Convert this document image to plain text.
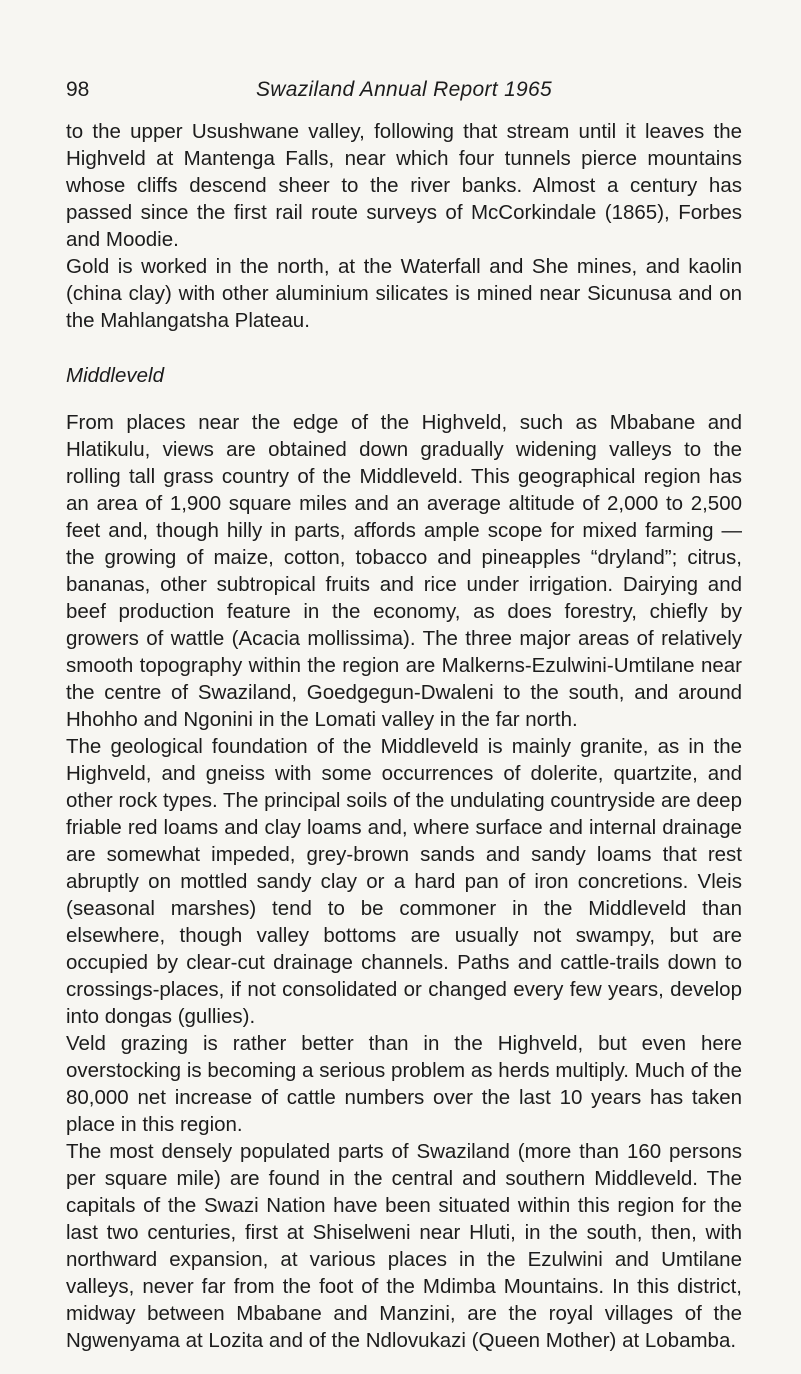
98	Swaziland Annual Report 1965

to the upper Usushwane valley, following that stream until it leaves the Highveld at Mantenga Falls, near which four tunnels pierce mountains whose cliffs descend sheer to the river banks. Almost a century has passed since the first rail route surveys of McCorkindale (1865), Forbes and Moodie.

Gold is worked in the north, at the Waterfall and She mines, and kaolin (china clay) with other aluminium silicates is mined near Sicunusa and on the Mahlangatsha Plateau.

Middleveld

From places near the edge of the Highveld, such as Mbabane and Hlatikulu, views are obtained down gradually widening valleys to the rolling tall grass country of the Middleveld. This geographical region has an area of 1,900 square miles and an average altitude of 2,000 to 2,500 feet and, though hilly in parts, affords ample scope for mixed farming — the growing of maize, cotton, tobacco and pineapples “dryland”; citrus, bananas, other subtropical fruits and rice under irrigation. Dairying and beef production feature in the economy, as does forestry, chiefly by growers of wattle (Acacia mollissima). The three major areas of relatively smooth topography within the region are Malkerns-Ezulwini-Umtilane near the centre of Swaziland, Goedgegun-Dwaleni to the south, and around Hhohho and Ngonini in the Lomati valley in the far north.

The geological foundation of the Middleveld is mainly granite, as in the Highveld, and gneiss with some occurrences of dolerite, quartzite, and other rock types. The principal soils of the undulating countryside are deep friable red loams and clay loams and, where surface and internal drainage are somewhat impeded, grey-brown sands and sandy loams that rest abruptly on mottled sandy clay or a hard pan of iron concretions. Vleis (seasonal marshes) tend to be commoner in the Middleveld than elsewhere, though valley bottoms are usually not swampy, but are occupied by clear-cut drainage channels. Paths and cattle-trails down to crossings-places, if not consolidated or changed every few years, develop into dongas (gullies).

Veld grazing is rather better than in the Highveld, but even here overstocking is becoming a serious problem as herds multiply. Much of the 80,000 net increase of cattle numbers over the last 10 years has taken place in this region.

The most densely populated parts of Swaziland (more than 160 persons per square mile) are found in the central and southern Middleveld. The capitals of the Swazi Nation have been situated within this region for the last two centuries, first at Shiselweni near Hluti, in the south, then, with northward expansion, at various places in the Ezulwini and Umtilane valleys, never far from the foot of the Mdimba Mountains. In this district, midway between Mbabane and Manzini, are the royal villages of the Ngwenyama at Lozita and of the Ndlovukazi (Queen Mother) at Lobamba.
